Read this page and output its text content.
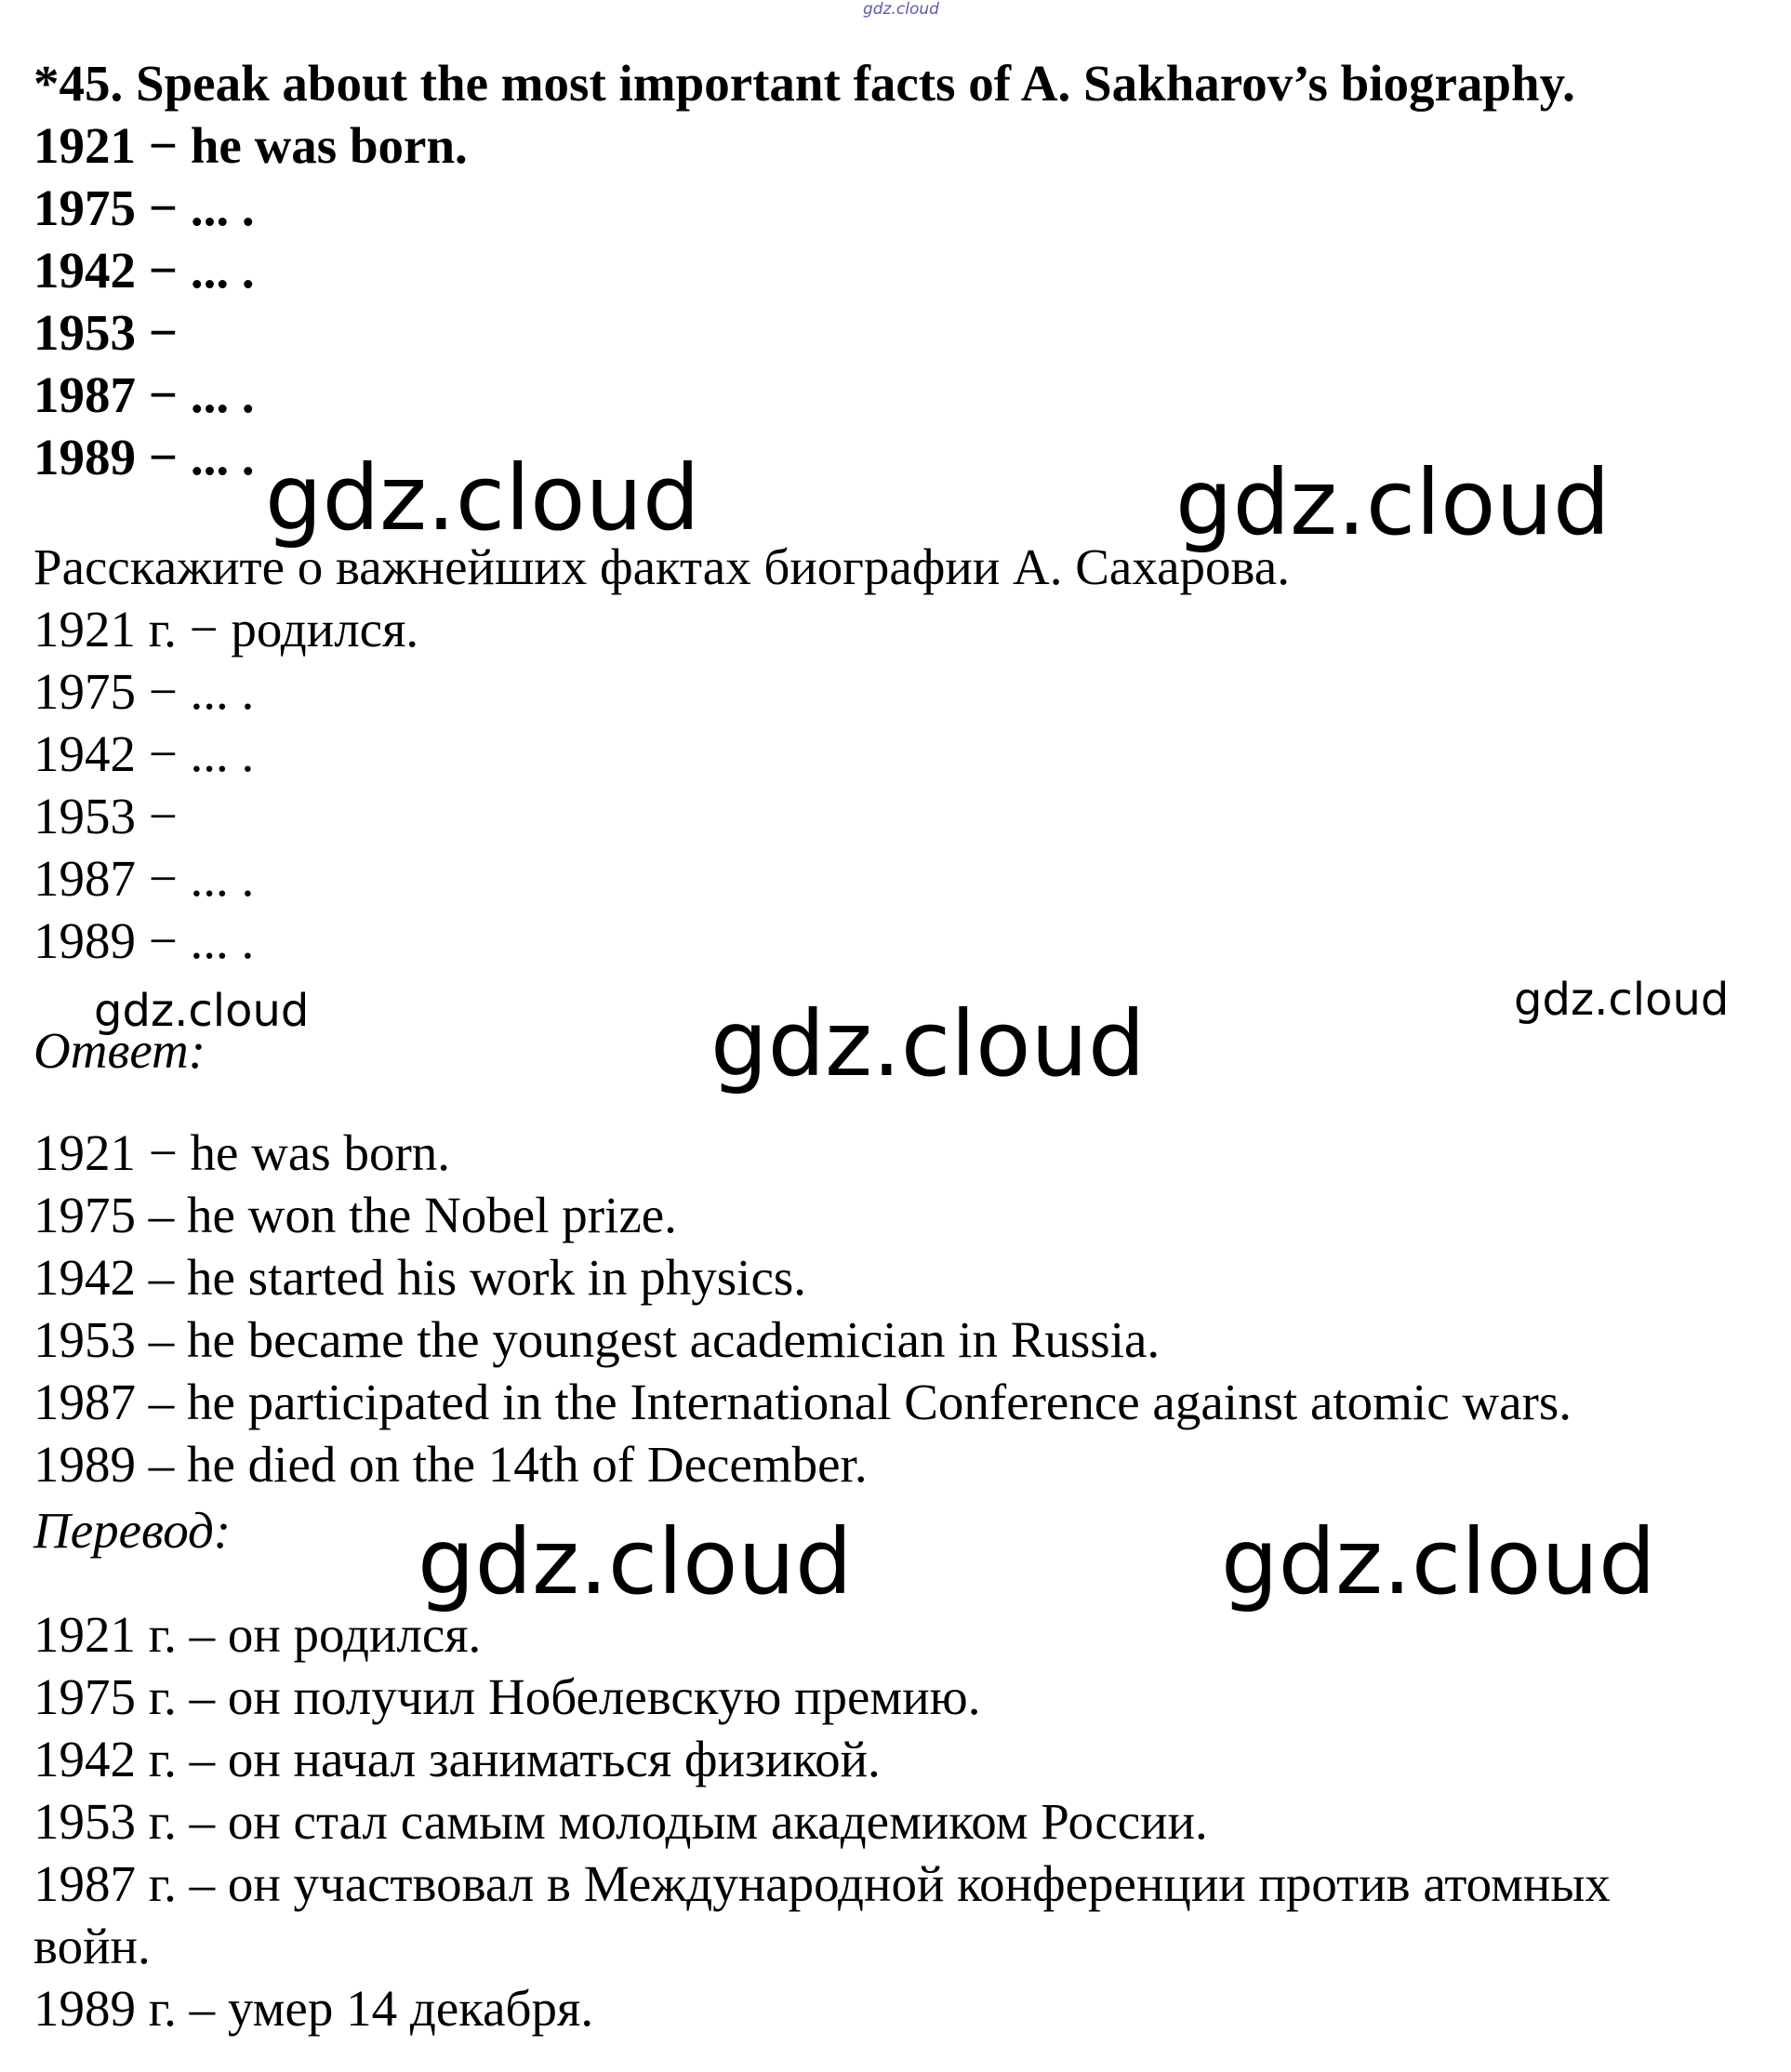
gdz.cloud
*45. Speak about the most important facts of A. Sakharov’s biography.
1921 − he was born.
1975 − ... .
1942 − ... .
1953 −
1987 − ... .
1989 − ... .
Расскажите о важнейших фактах биографии А. Сахарова.
1921 г. − родился.
1975 − ... .
1942 − ... .
1953 −
1987 − ... .
1989 − ... .
Ответ:
1921 − he was born.
1975 – he won the Nobel prize.
1942 – he started his work in physics.
1953 – he became the youngest academician in Russia.
1987 – he participated in the International Conference against atomic wars.
1989 – he died on the 14th of December.
Перевод:
1921 г. – он родился.
1975 г. – он получил Нобелевскую премию.
1942 г. – он начал заниматься физикой.
1953 г. – он стал самым молодым академиком России.
1987 г. – он участвовал в Международной конференции против атомных
войн.
1989 г. – умер 14 декабря.
gdz.cloud	gdz.cloud
gdz.cloud	gdz.cloud
gdz.cloud
gdz.cloud	gdz.cloud
